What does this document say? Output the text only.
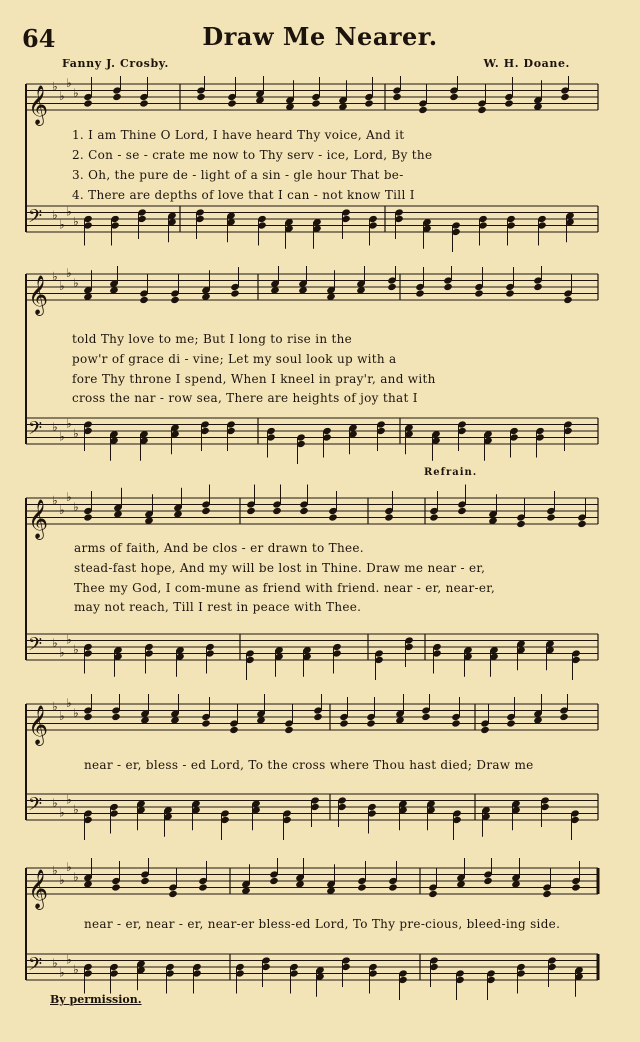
64	Draw Me Nearer.
Fanny J. Crosby.	W. H. Doane.
𝄞 ♭
♭
♭
♭
𝄢 ♭
♭
♭
♭
1. I am Thine O Lord, I have heard Thy voice, And it
2. Con - se - crate me now to Thy serv - ice, Lord, By the
3. Oh, the pure de - light of a sin - gle hour That be-
4. There are depths of love that I can - not know Till I
𝄞 ♭
♭
♭
♭
𝄢 ♭
♭
♭
♭
told Thy love to me; But I long to rise in the
pow'r of grace di - vine; Let my soul look up with a
fore Thy throne I spend, When I kneel in pray'r, and with
cross the nar - row sea, There are heights of joy that I
Refrain.
𝄞 ♭
♭
♭
♭
𝄢 ♭
♭
♭
♭
arms of faith, And be clos - er drawn to Thee.
stead-fast hope, And my will be lost in Thine. Draw me near - er,
Thee my God, I com-mune as friend with friend. near - er, near-er,
may not reach, Till I rest in peace with Thee.
𝄞 ♭
♭
♭
♭
𝄢 ♭
♭
♭
♭
near - er, bless - ed Lord, To the cross where Thou hast died; Draw me
𝄞 ♭
♭
♭
♭
𝄢 ♭
♭
♭
♭
near - er, near - er, near-er bless-ed Lord, To Thy pre-cious, bleed-ing side.
By permission.
